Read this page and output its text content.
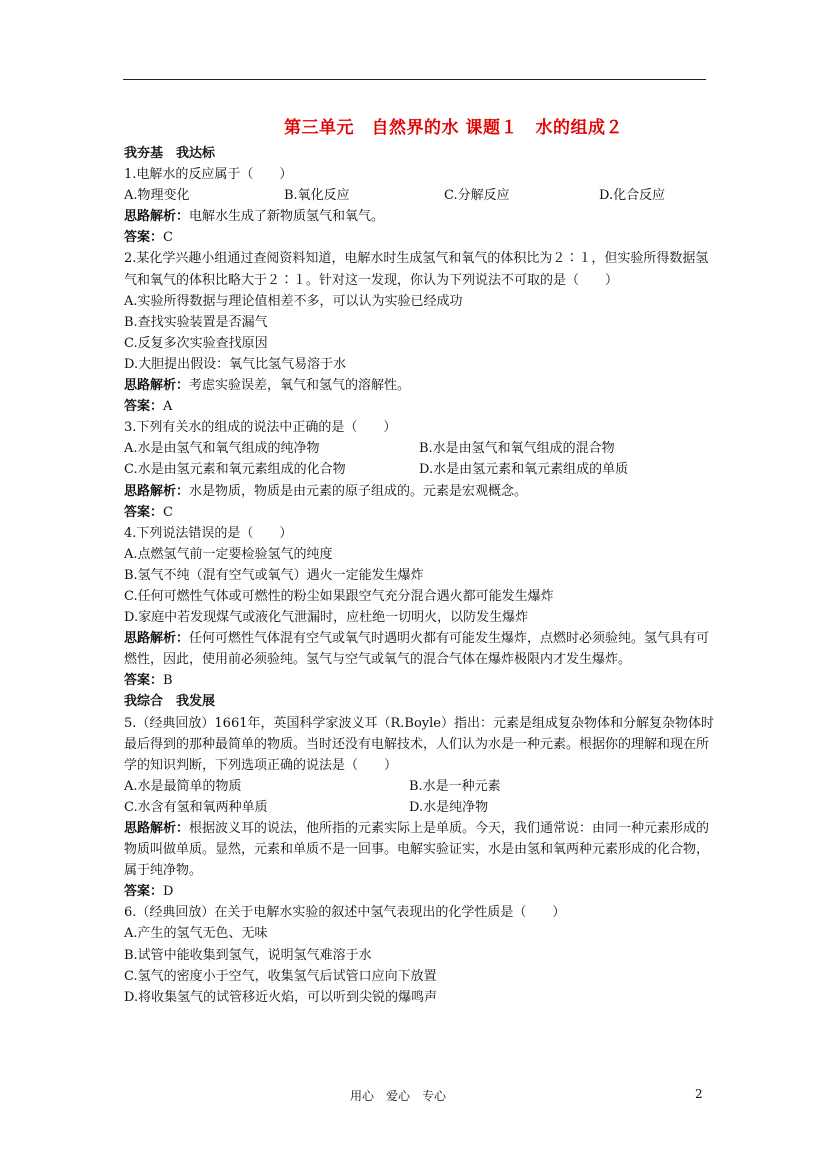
第三单元　自然界的水 课题１　水的组成２
我夯基　我达标
1.电解水的反应属于（　　）
A.物理变化	B.氧化反应	C.分解反应	D.化合反应
思路解析：电解水生成了新物质氢气和氧气。
答案：C
2.某化学兴趣小组通过查阅资料知道，电解水时生成氢气和氧气的体积比为２∶１，但实验所得数据氢气和氧气的体积比略大于２∶１。针对这一发现，你认为下列说法不可取的是（　　）
A.实验所得数据与理论值相差不多，可以认为实验已经成功
B.查找实验装置是否漏气
C.反复多次实验查找原因
D.大胆提出假设：氧气比氢气易溶于水
思路解析：考虑实验误差，氧气和氢气的溶解性。
答案：A
3.下列有关水的组成的说法中正确的是（　　）
A.水是由氢气和氧气组成的纯净物	B.水是由氢气和氧气组成的混合物
C.水是由氢元素和氧元素组成的化合物	D.水是由氢元素和氧元素组成的单质
思路解析：水是物质，物质是由元素的原子组成的。元素是宏观概念。
答案：C
4.下列说法错误的是（　　）
A.点燃氢气前一定要检验氢气的纯度
B.氢气不纯（混有空气或氧气）遇火一定能发生爆炸
C.任何可燃性气体或可燃性的粉尘如果跟空气充分混合遇火都可能发生爆炸
D.家庭中若发现煤气或液化气泄漏时，应杜绝一切明火，以防发生爆炸
思路解析：任何可燃性气体混有空气或氧气时遇明火都有可能发生爆炸，点燃时必须验纯。氢气具有可燃性，因此，使用前必须验纯。氢气与空气或氧气的混合气体在爆炸极限内才发生爆炸。
答案：B
我综合　我发展
5.（经典回放）1661年，英国科学家波义耳（R.Boyle）指出：元素是组成复杂物体和分解复杂物体时最后得到的那种最简单的物质。当时还没有电解技术，人们认为水是一种元素。根据你的理解和现在所学的知识判断，下列选项正确的说法是（　　）
A.水是最简单的物质	B.水是一种元素
C.水含有氢和氧两种单质	D.水是纯净物
思路解析：根据波义耳的说法，他所指的元素实际上是单质。今天，我们通常说：由同一种元素形成的物质叫做单质。显然，元素和单质不是一回事。电解实验证实，水是由氢和氧两种元素形成的化合物，属于纯净物。
答案：D
6.（经典回放）在关于电解水实验的叙述中氢气表现出的化学性质是（　　）
A.产生的氢气无色、无味
B.试管中能收集到氢气，说明氢气难溶于水
C.氢气的密度小于空气，收集氢气后试管口应向下放置
D.将收集氢气的试管移近火焰，可以听到尖锐的爆鸣声
用心　爱心　专心	2
